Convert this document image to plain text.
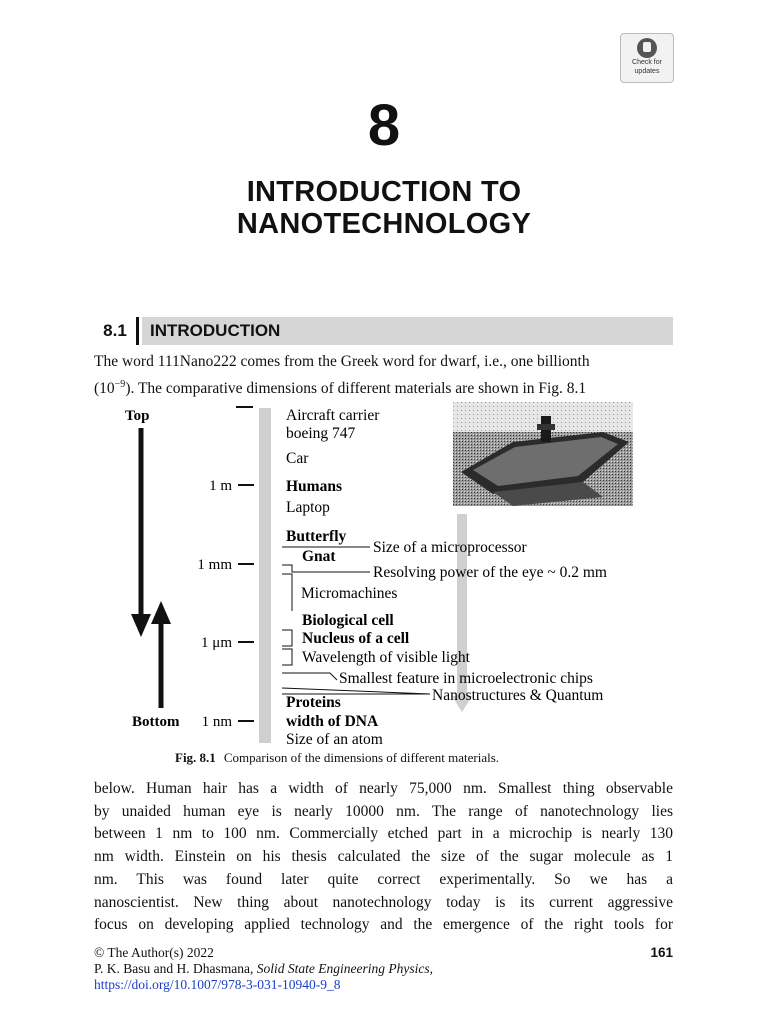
Check for
updates
8
INTRODUCTION TO
NANOTECHNOLOGY
8.1	INTRODUCTION
The word 111Nano222 comes from the Greek word for dwarf, i.e., one billionth
$(10^{-9})$. The comparative dimensions of different materials are shown in Fig. 8.1
1 m
1 mm
1 μm
1 nm
Top
Bottom
Aircraft carrier
boeing 747
Car
Humans
Laptop
Butterfly
Size of a microprocessor
Gnat
Resolving power of the eye ~ 0.2 mm
Micromachines
Biological cell
Nucleus of a cell
Wavelength of visible light
Smallest feature in microelectronic chips
Nanostructures & Quantum
Proteins
width of DNA
Size of an atom
Fig. 8.1 Comparison of the dimensions of different materials.
below. Human hair has a width of nearly 75,000 nm. Smallest thing observable
by unaided human eye is nearly 10000 nm. The range of nanotechnology lies
between 1 nm to 100 nm. Commercially etched part in a microchip is nearly 130
nm width. Einstein on his thesis calculated the size of the sugar molecule as 1
nm. This was found later quite correct experimentally. So we has a
nanoscientist. New thing about nanotechnology today is its current aggressive
focus on developing applied technology and the emergence of the right tools for
© The Author(s) 2022
P. K. Basu and H. Dhasmana, Solid State Engineering Physics,
https://doi.org/10.1007/978-3-031-10940-9_8
161
